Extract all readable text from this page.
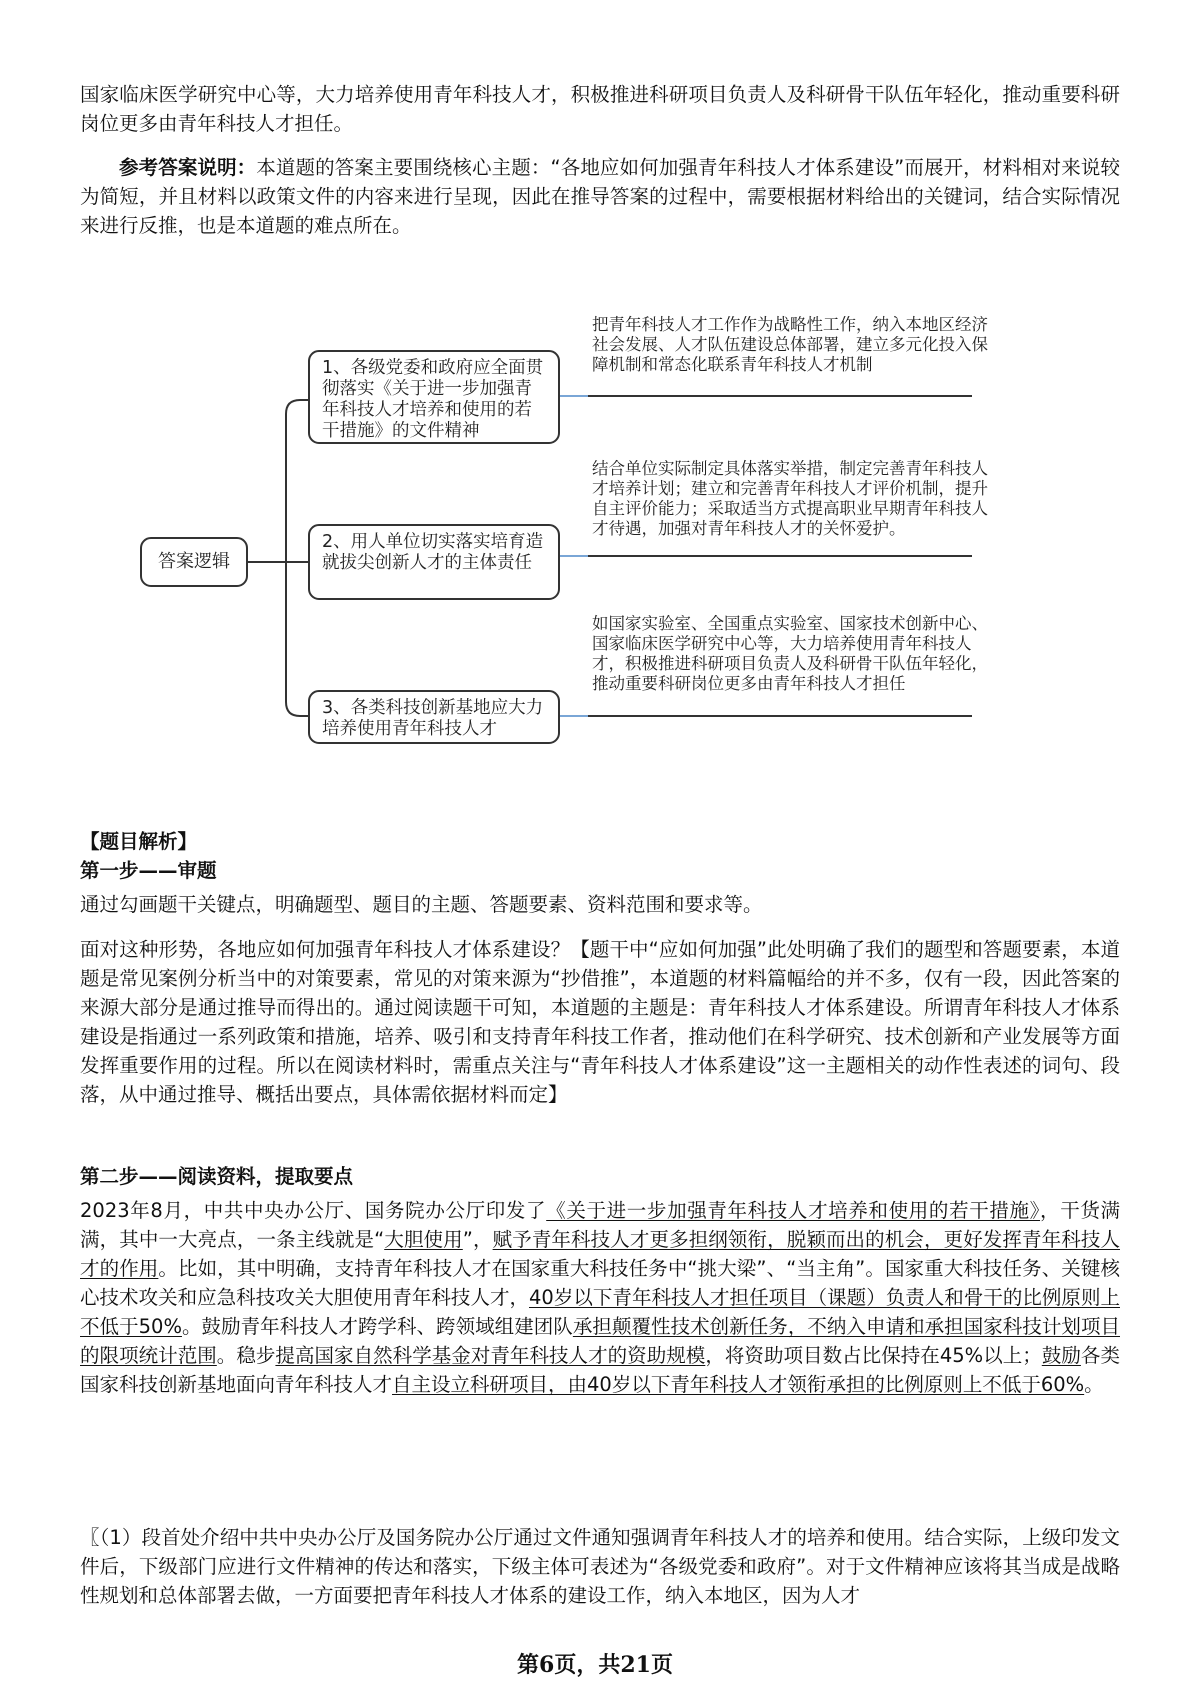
国家临床医学研究中心等，大力培养使用青年科技人才，积极推进科研项目负责人及科研骨干队伍年轻化，推动重要科研岗位更多由青年科技人才担任。

参考答案说明：本道题的答案主要围绕核心主题：“各地应如何加强青年科技人才体系建设”而展开，材料相对来说较为简短，并且材料以政策文件的内容来进行呈现，因此在推导答案的过程中，需要根据材料给出的关键词，结合实际情况来进行反推，也是本道题的难点所在。

答案逻辑
1、各级党委和政府应全面贯彻落实《关于进一步加强青年科技人才培养和使用的若干措施》的文件精神
把青年科技人才工作作为战略性工作，纳入本地区经济社会发展、人才队伍建设总体部署，建立多元化投入保障机制和常态化联系青年科技人才机制
2、用人单位切实落实培育造就拔尖创新人才的主体责任
结合单位实际制定具体落实举措，制定完善青年科技人才培养计划；建立和完善青年科技人才评价机制，提升自主评价能力；采取适当方式提高职业早期青年科技人才待遇，加强对青年科技人才的关怀爱护。
3、各类科技创新基地应大力培养使用青年科技人才
如国家实验室、全国重点实验室、国家技术创新中心、国家临床医学研究中心等，大力培养使用青年科技人才，积极推进科研项目负责人及科研骨干队伍年轻化，推动重要科研岗位更多由青年科技人才担任
【题目解析】
第一步——审题

通过勾画题干关键点，明确题型、题目的主题、答题要素、资料范围和要求等。

面对这种形势，各地应如何加强青年科技人才体系建设？【题干中“应如何加强”此处明确了我们的题型和答题要素，本道题是常见案例分析当中的对策要素，常见的对策来源为“抄借推”，本道题的材料篇幅给的并不多，仅有一段，因此答案的来源大部分是通过推导而得出的。通过阅读题干可知，本道题的主题是：青年科技人才体系建设。所谓青年科技人才体系建设是指通过一系列政策和措施，培养、吸引和支持青年科技工作者，推动他们在科学研究、技术创新和产业发展等方面发挥重要作用的过程。所以在阅读材料时，需重点关注与“青年科技人才体系建设”这一主题相关的动作性表述的词句、段落，从中通过推导、概括出要点，具体需依据材料而定】

第二步——阅读资料，提取要点

2023年8月，中共中央办公厅、国务院办公厅印发了《关于进一步加强青年科技人才培养和使用的若干措施》，干货满满，其中一大亮点，一条主线就是“大胆使用”，赋予青年科技人才更多担纲领衔，脱颖而出的机会，更好发挥青年科技人才的作用。比如，其中明确，支持青年科技人才在国家重大科技任务中“挑大梁”、“当主角”。国家重大科技任务、关键核心技术攻关和应急科技攻关大胆使用青年科技人才，40岁以下青年科技人才担任项目（课题）负责人和骨干的比例原则上不低于50%。鼓励青年科技人才跨学科、跨领域组建团队承担颠覆性技术创新任务，不纳入申请和承担国家科技计划项目的限项统计范围。稳步提高国家自然科学基金对青年科技人才的资助规模，将资助项目数占比保持在45%以上；鼓励各类国家科技创新基地面向青年科技人才自主设立科研项目，由40岁以下青年科技人才领衔承担的比例原则上不低于60%。

〖（1）段首处介绍中共中央办公厅及国务院办公厅通过文件通知强调青年科技人才的培养和使用。结合实际，上级印发文件后，下级部门应进行文件精神的传达和落实，下级主体可表述为“各级党委和政府”。对于文件精神应该将其当成是战略性规划和总体部署去做，一方面要把青年科技人才体系的建设工作，纳入本地区，因为人才

第6页，共21页
